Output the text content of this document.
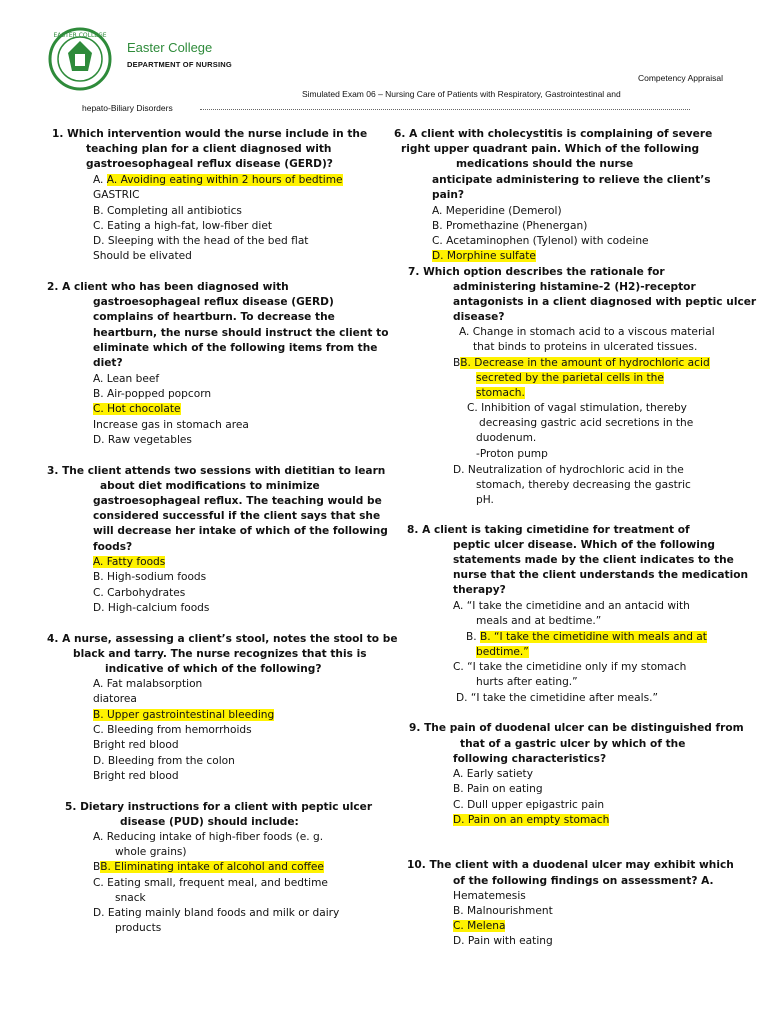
EASTER COLLEGE
Easter College
DEPARTMENT OF NURSING
Competency Appraisal
Simulated Exam 06 – Nursing Care of Patients with Respiratory, Gastrointestinal and
hepato-Biliary Disorders
1. Which intervention would the nurse include in the
teaching plan for a client diagnosed with
gastroesophageal reflux disease (GERD)?
A. A. Avoiding eating within 2 hours of bedtime
GASTRIC
B. Completing all antibiotics
C. Eating a high-fat, low-fiber diet
D. Sleeping with the head of the bed flat
Should be elivated
2. A client who has been diagnosed with
gastroesophageal reflux disease (GERD)
complains of heartburn. To decrease the
heartburn, the nurse should instruct the client to
eliminate which of the following items from the
diet?
A. Lean beef
B. Air-popped popcorn
C. Hot chocolate
Increase gas in stomach area
D. Raw vegetables
3. The client attends two sessions with dietitian to learn
about diet modifications to minimize
gastroesophageal reflux. The teaching would be
considered successful if the client says that she
will decrease her intake of which of the following
foods?
A. Fatty foods
B. High-sodium foods
C. Carbohydrates
D. High-calcium foods
4. A nurse, assessing a client’s stool, notes the stool to be
black and tarry. The nurse recognizes that this is
indicative of which of the following?
A. Fat malabsorption
diatorea
B. Upper gastrointestinal bleeding
C. Bleeding from hemorrhoids
Bright red blood
D. Bleeding from the colon
Bright red blood
5. Dietary instructions for a client with peptic ulcer
disease (PUD) should include:
A. Reducing intake of high-fiber foods (e. g.
whole grains)
BB. Eliminating intake of alcohol and coffee
C. Eating small, frequent meal, and bedtime
snack
D. Eating mainly bland foods and milk or dairy
products
6. A client with cholecystitis is complaining of severe
right upper quadrant pain. Which of the following
medications should the nurse
anticipate administering to relieve the client’s
pain?
A. Meperidine (Demerol)
B. Promethazine (Phenergan)
C. Acetaminophen (Tylenol) with codeine
D. Morphine sulfate
7. Which option describes the rationale for
administering histamine-2 (H2)-receptor
antagonists in a client diagnosed with peptic ulcer
disease?
A. Change in stomach acid to a viscous material
that binds to proteins in ulcerated tissues.
BB. Decrease in the amount of hydrochloric acid
secreted by the parietal cells in the
stomach.
C. Inhibition of vagal stimulation, thereby
decreasing gastric acid secretions in the
duodenum.
-Proton pump
D. Neutralization of hydrochloric acid in the
stomach, thereby decreasing the gastric
pH.
8. A client is taking cimetidine for treatment of
peptic ulcer disease. Which of the following
statements made by the client indicates to the
nurse that the client understands the medication
therapy?
A. “I take the cimetidine and an antacid with
meals and at bedtime.”
B. B. “I take the cimetidine with meals and at
bedtime.”
C. “I take the cimetidine only if my stomach
hurts after eating.”
D. “I take the cimetidine after meals.”
9. The pain of duodenal ulcer can be distinguished from
that of a gastric ulcer by which of the
following characteristics?
A. Early satiety
B. Pain on eating
C. Dull upper epigastric pain
D. Pain on an empty stomach
10. The client with a duodenal ulcer may exhibit which
of the following findings on assessment? A.
Hematemesis
B. Malnourishment
C. Melena
D. Pain with eating
